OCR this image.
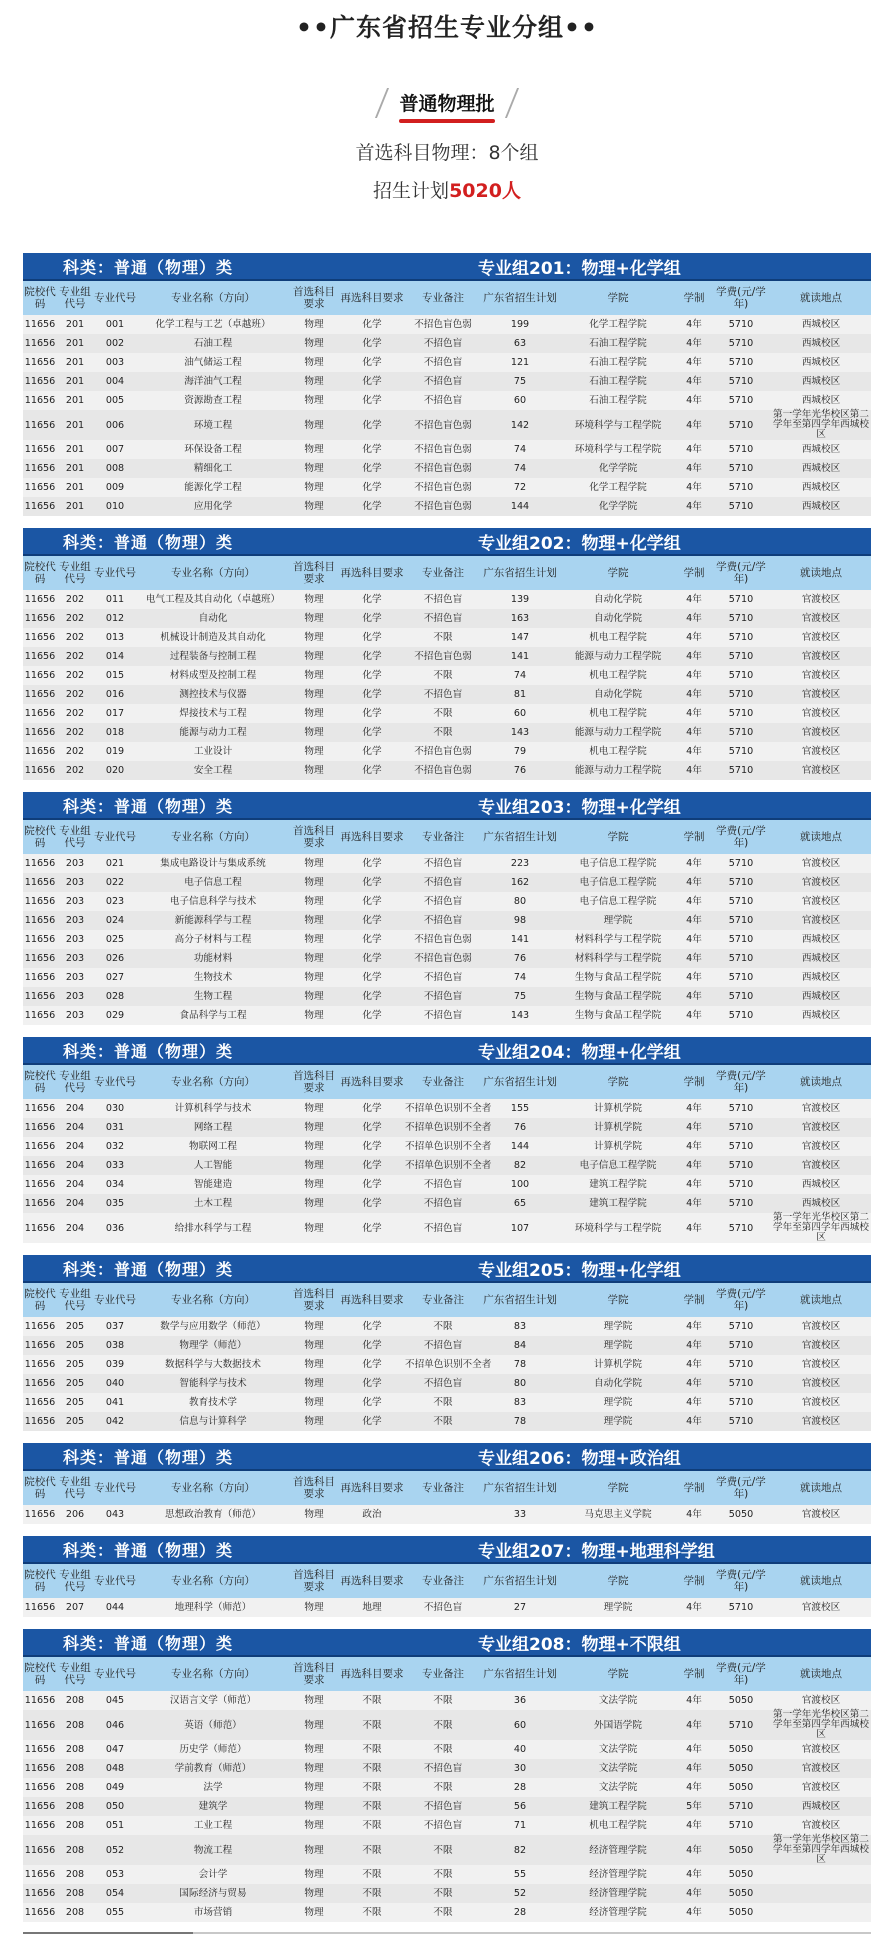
••广东省招生专业分组••
普通物理批
首选科目物理：8个组
招生计划5020人
科类：普通（物理）类	专业组201：物理+化学组
院校代码	专业组代号	专业代号	专业名称（方向）	首选科目要求	再选科目要求	专业备注	广东省招生计划	学院	学制	学费(元/学年)	就读地点
11656	201	001	化学工程与工艺（卓越班）	物理	化学	不招色盲色弱	199	化学工程学院	4年	5710	西城校区
11656	201	002	石油工程	物理	化学	不招色盲	63	石油工程学院	4年	5710	西城校区
11656	201	003	油气储运工程	物理	化学	不招色盲	121	石油工程学院	4年	5710	西城校区
11656	201	004	海洋油气工程	物理	化学	不招色盲	75	石油工程学院	4年	5710	西城校区
11656	201	005	资源勘查工程	物理	化学	不招色盲	60	石油工程学院	4年	5710	西城校区
11656	201	006	环境工程	物理	化学	不招色盲色弱	142	环境科学与工程学院	4年	5710	第一学年光华校区第二学年至第四学年西城校区
11656	201	007	环保设备工程	物理	化学	不招色盲色弱	74	环境科学与工程学院	4年	5710	西城校区
11656	201	008	精细化工	物理	化学	不招色盲色弱	74	化学学院	4年	5710	西城校区
11656	201	009	能源化学工程	物理	化学	不招色盲色弱	72	化学工程学院	4年	5710	西城校区
11656	201	010	应用化学	物理	化学	不招色盲色弱	144	化学学院	4年	5710	西城校区
科类：普通（物理）类	专业组202：物理+化学组
院校代码	专业组代号	专业代号	专业名称（方向）	首选科目要求	再选科目要求	专业备注	广东省招生计划	学院	学制	学费(元/学年)	就读地点
11656	202	011	电气工程及其自动化（卓越班）	物理	化学	不招色盲	139	自动化学院	4年	5710	官渡校区
11656	202	012	自动化	物理	化学	不招色盲	163	自动化学院	4年	5710	官渡校区
11656	202	013	机械设计制造及其自动化	物理	化学	不限	147	机电工程学院	4年	5710	官渡校区
11656	202	014	过程装备与控制工程	物理	化学	不招色盲色弱	141	能源与动力工程学院	4年	5710	官渡校区
11656	202	015	材料成型及控制工程	物理	化学	不限	74	机电工程学院	4年	5710	官渡校区
11656	202	016	测控技术与仪器	物理	化学	不招色盲	81	自动化学院	4年	5710	官渡校区
11656	202	017	焊接技术与工程	物理	化学	不限	60	机电工程学院	4年	5710	官渡校区
11656	202	018	能源与动力工程	物理	化学	不限	143	能源与动力工程学院	4年	5710	官渡校区
11656	202	019	工业设计	物理	化学	不招色盲色弱	79	机电工程学院	4年	5710	官渡校区
11656	202	020	安全工程	物理	化学	不招色盲色弱	76	能源与动力工程学院	4年	5710	官渡校区
科类：普通（物理）类	专业组203：物理+化学组
院校代码	专业组代号	专业代号	专业名称（方向）	首选科目要求	再选科目要求	专业备注	广东省招生计划	学院	学制	学费(元/学年)	就读地点
11656	203	021	集成电路设计与集成系统	物理	化学	不招色盲	223	电子信息工程学院	4年	5710	官渡校区
11656	203	022	电子信息工程	物理	化学	不招色盲	162	电子信息工程学院	4年	5710	官渡校区
11656	203	023	电子信息科学与技术	物理	化学	不招色盲	80	电子信息工程学院	4年	5710	官渡校区
11656	203	024	新能源科学与工程	物理	化学	不招色盲	98	理学院	4年	5710	官渡校区
11656	203	025	高分子材料与工程	物理	化学	不招色盲色弱	141	材料科学与工程学院	4年	5710	西城校区
11656	203	026	功能材料	物理	化学	不招色盲色弱	76	材料科学与工程学院	4年	5710	西城校区
11656	203	027	生物技术	物理	化学	不招色盲	74	生物与食品工程学院	4年	5710	西城校区
11656	203	028	生物工程	物理	化学	不招色盲	75	生物与食品工程学院	4年	5710	西城校区
11656	203	029	食品科学与工程	物理	化学	不招色盲	143	生物与食品工程学院	4年	5710	西城校区
科类：普通（物理）类	专业组204：物理+化学组
院校代码	专业组代号	专业代号	专业名称（方向）	首选科目要求	再选科目要求	专业备注	广东省招生计划	学院	学制	学费(元/学年)	就读地点
11656	204	030	计算机科学与技术	物理	化学	不招单色识别不全者	155	计算机学院	4年	5710	官渡校区
11656	204	031	网络工程	物理	化学	不招单色识别不全者	76	计算机学院	4年	5710	官渡校区
11656	204	032	物联网工程	物理	化学	不招单色识别不全者	144	计算机学院	4年	5710	官渡校区
11656	204	033	人工智能	物理	化学	不招单色识别不全者	82	电子信息工程学院	4年	5710	官渡校区
11656	204	034	智能建造	物理	化学	不招色盲	100	建筑工程学院	4年	5710	西城校区
11656	204	035	土木工程	物理	化学	不招色盲	65	建筑工程学院	4年	5710	西城校区
11656	204	036	给排水科学与工程	物理	化学	不招色盲	107	环境科学与工程学院	4年	5710	第一学年光华校区第二学年至第四学年西城校区
科类：普通（物理）类	专业组205：物理+化学组
院校代码	专业组代号	专业代号	专业名称（方向）	首选科目要求	再选科目要求	专业备注	广东省招生计划	学院	学制	学费(元/学年)	就读地点
11656	205	037	数学与应用数学（师范）	物理	化学	不限	83	理学院	4年	5710	官渡校区
11656	205	038	物理学（师范）	物理	化学	不招色盲	84	理学院	4年	5710	官渡校区
11656	205	039	数据科学与大数据技术	物理	化学	不招单色识别不全者	78	计算机学院	4年	5710	官渡校区
11656	205	040	智能科学与技术	物理	化学	不招色盲	80	自动化学院	4年	5710	官渡校区
11656	205	041	教育技术学	物理	化学	不限	83	理学院	4年	5710	官渡校区
11656	205	042	信息与计算科学	物理	化学	不限	78	理学院	4年	5710	官渡校区
科类：普通（物理）类	专业组206：物理+政治组
院校代码	专业组代号	专业代号	专业名称（方向）	首选科目要求	再选科目要求	专业备注	广东省招生计划	学院	学制	学费(元/学年)	就读地点
11656	206	043	思想政治教育（师范）	物理	政治		33	马克思主义学院	4年	5050	官渡校区
科类：普通（物理）类	专业组207：物理+地理科学组
院校代码	专业组代号	专业代号	专业名称（方向）	首选科目要求	再选科目要求	专业备注	广东省招生计划	学院	学制	学费(元/学年)	就读地点
11656	207	044	地理科学（师范）	物理	地理	不招色盲	27	理学院	4年	5710	官渡校区
科类：普通（物理）类	专业组208：物理+不限组
院校代码	专业组代号	专业代号	专业名称（方向）	首选科目要求	再选科目要求	专业备注	广东省招生计划	学院	学制	学费(元/学年)	就读地点
11656	208	045	汉语言文学（师范）	物理	不限	不限	36	文法学院	4年	5050	官渡校区
11656	208	046	英语（师范）	物理	不限	不限	60	外国语学院	4年	5710	第一学年光华校区第二学年至第四学年西城校区
11656	208	047	历史学（师范）	物理	不限	不限	40	文法学院	4年	5050	官渡校区
11656	208	048	学前教育（师范）	物理	不限	不招色盲	30	文法学院	4年	5050	官渡校区
11656	208	049	法学	物理	不限	不限	28	文法学院	4年	5050	官渡校区
11656	208	050	建筑学	物理	不限	不招色盲	56	建筑工程学院	5年	5710	西城校区
11656	208	051	工业工程	物理	不限	不招色盲	71	机电工程学院	4年	5710	官渡校区
11656	208	052	物流工程	物理	不限	不限	82	经济管理学院	4年	5050	第一学年光华校区第二学年至第四学年西城校区
11656	208	053	会计学	物理	不限	不限	55	经济管理学院	4年	5050	
11656	208	054	国际经济与贸易	物理	不限	不限	52	经济管理学院	4年	5050	
11656	208	055	市场营销	物理	不限	不限	28	经济管理学院	4年	5050	
